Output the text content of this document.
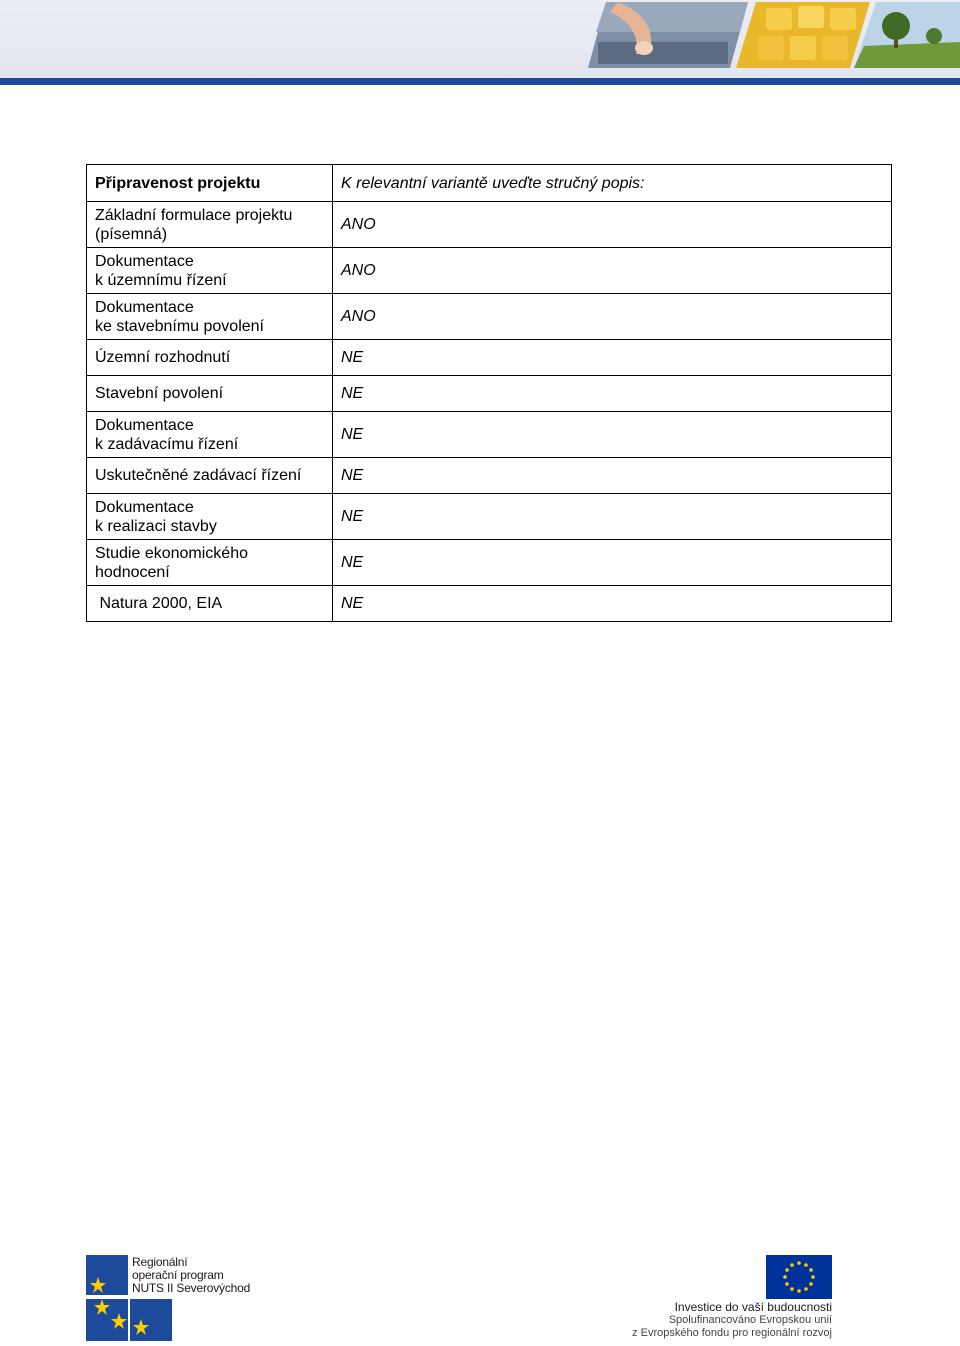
Připravenost projektu	K relevantní variantě uveďte stručný popis:

Základní formulace projektu
(písemná)	ANO

Dokumentace
k územnímu řízení	ANO

Dokumentace
ke stavebnímu povolení	ANO

Územní rozhodnutí	NE

Stavební povolení	NE

Dokumentace
k zadávacímu řízení	NE

Uskutečněné zadávací řízení	NE

Dokumentace
k realizaci stavby	NE

Studie ekonomického
hodnocení	NE

Natura 2000, EIA	NE
Regionální
operační program
NUTS II Severovýchod
Investice do vaší budoucnosti
Spolufinancováno Evropskou unií
z Evropského fondu pro regionální rozvoj
